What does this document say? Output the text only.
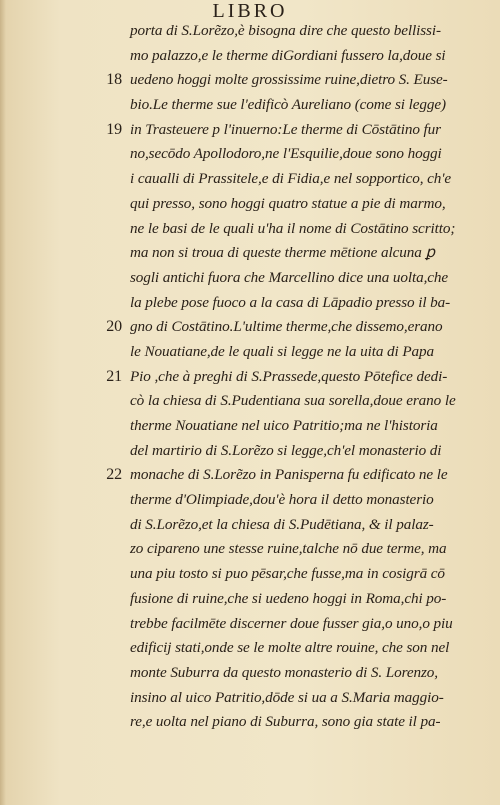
LIBRO
porta di S.Lorẽzo,è bisogna dire che questo bellissi-
mo palazzo,e le therme diGordiani fussero la,doue si
18 uedeno hoggi molte grossissime ruine,dietro S. Euse-
bio.Le therme sue l'edificò Aureliano (come si legge)
19 in Trasteuere p l'inuerno:Le therme di Cōstātino fur
no,secōdo Apollodoro,ne l'Esquilie,doue sono hoggi
i caualli di Prassitele,e di Fidia,e nel sopportico, ch'e
qui presso, sono hoggi quatro statue a pie di marmo,
ne le basi de le quali u'ha il nome di Costātino scritto;
ma non si troua di queste therme mētione alcuna ꝑ
sogli antichi fuora che Marcellino dice una uolta,che
la plebe pose fuoco a la casa di Lāpadio presso il ba-
20 gno di Costātino.L'ultime therme,che dissemo,erano
le Nouatiane,de le quali si legge ne la uita di Papa
21 Pio ,che à preghi di S.Prassede,questo Pōtefice dedi-
cò la chiesa di S.Pudentiana sua sorella,doue erano le
therme Nouatiane nel uico Patritio;ma ne l'historia
del martirio di S.Lorẽzo si legge,ch'el monasterio di
22 monache di S.Lorẽzo in Panisperna fu edificato ne le
therme d'Olimpiade,dou'è hora il detto monasterio
di S.Lorẽzo,et la chiesa di S.Pudētiana, & il palaz-
zo cipareno une stesse ruine,talche nō due terme, ma
una piu tosto si puo pēsar,che fusse,ma in cosigrā cō
fusione di ruine,che si uedeno hoggi in Roma,chi po-
trebbe facilmēte discerner doue fusser gia,o uno,o piu
edificij stati,onde se le molte altre rouine, che son nel
monte Suburra da questo monasterio di S. Lorenzo,
insino al uico Patritio,dōde si ua a S.Maria maggio-
re,e uolta nel piano di Suburra, sono gia state il pa-
